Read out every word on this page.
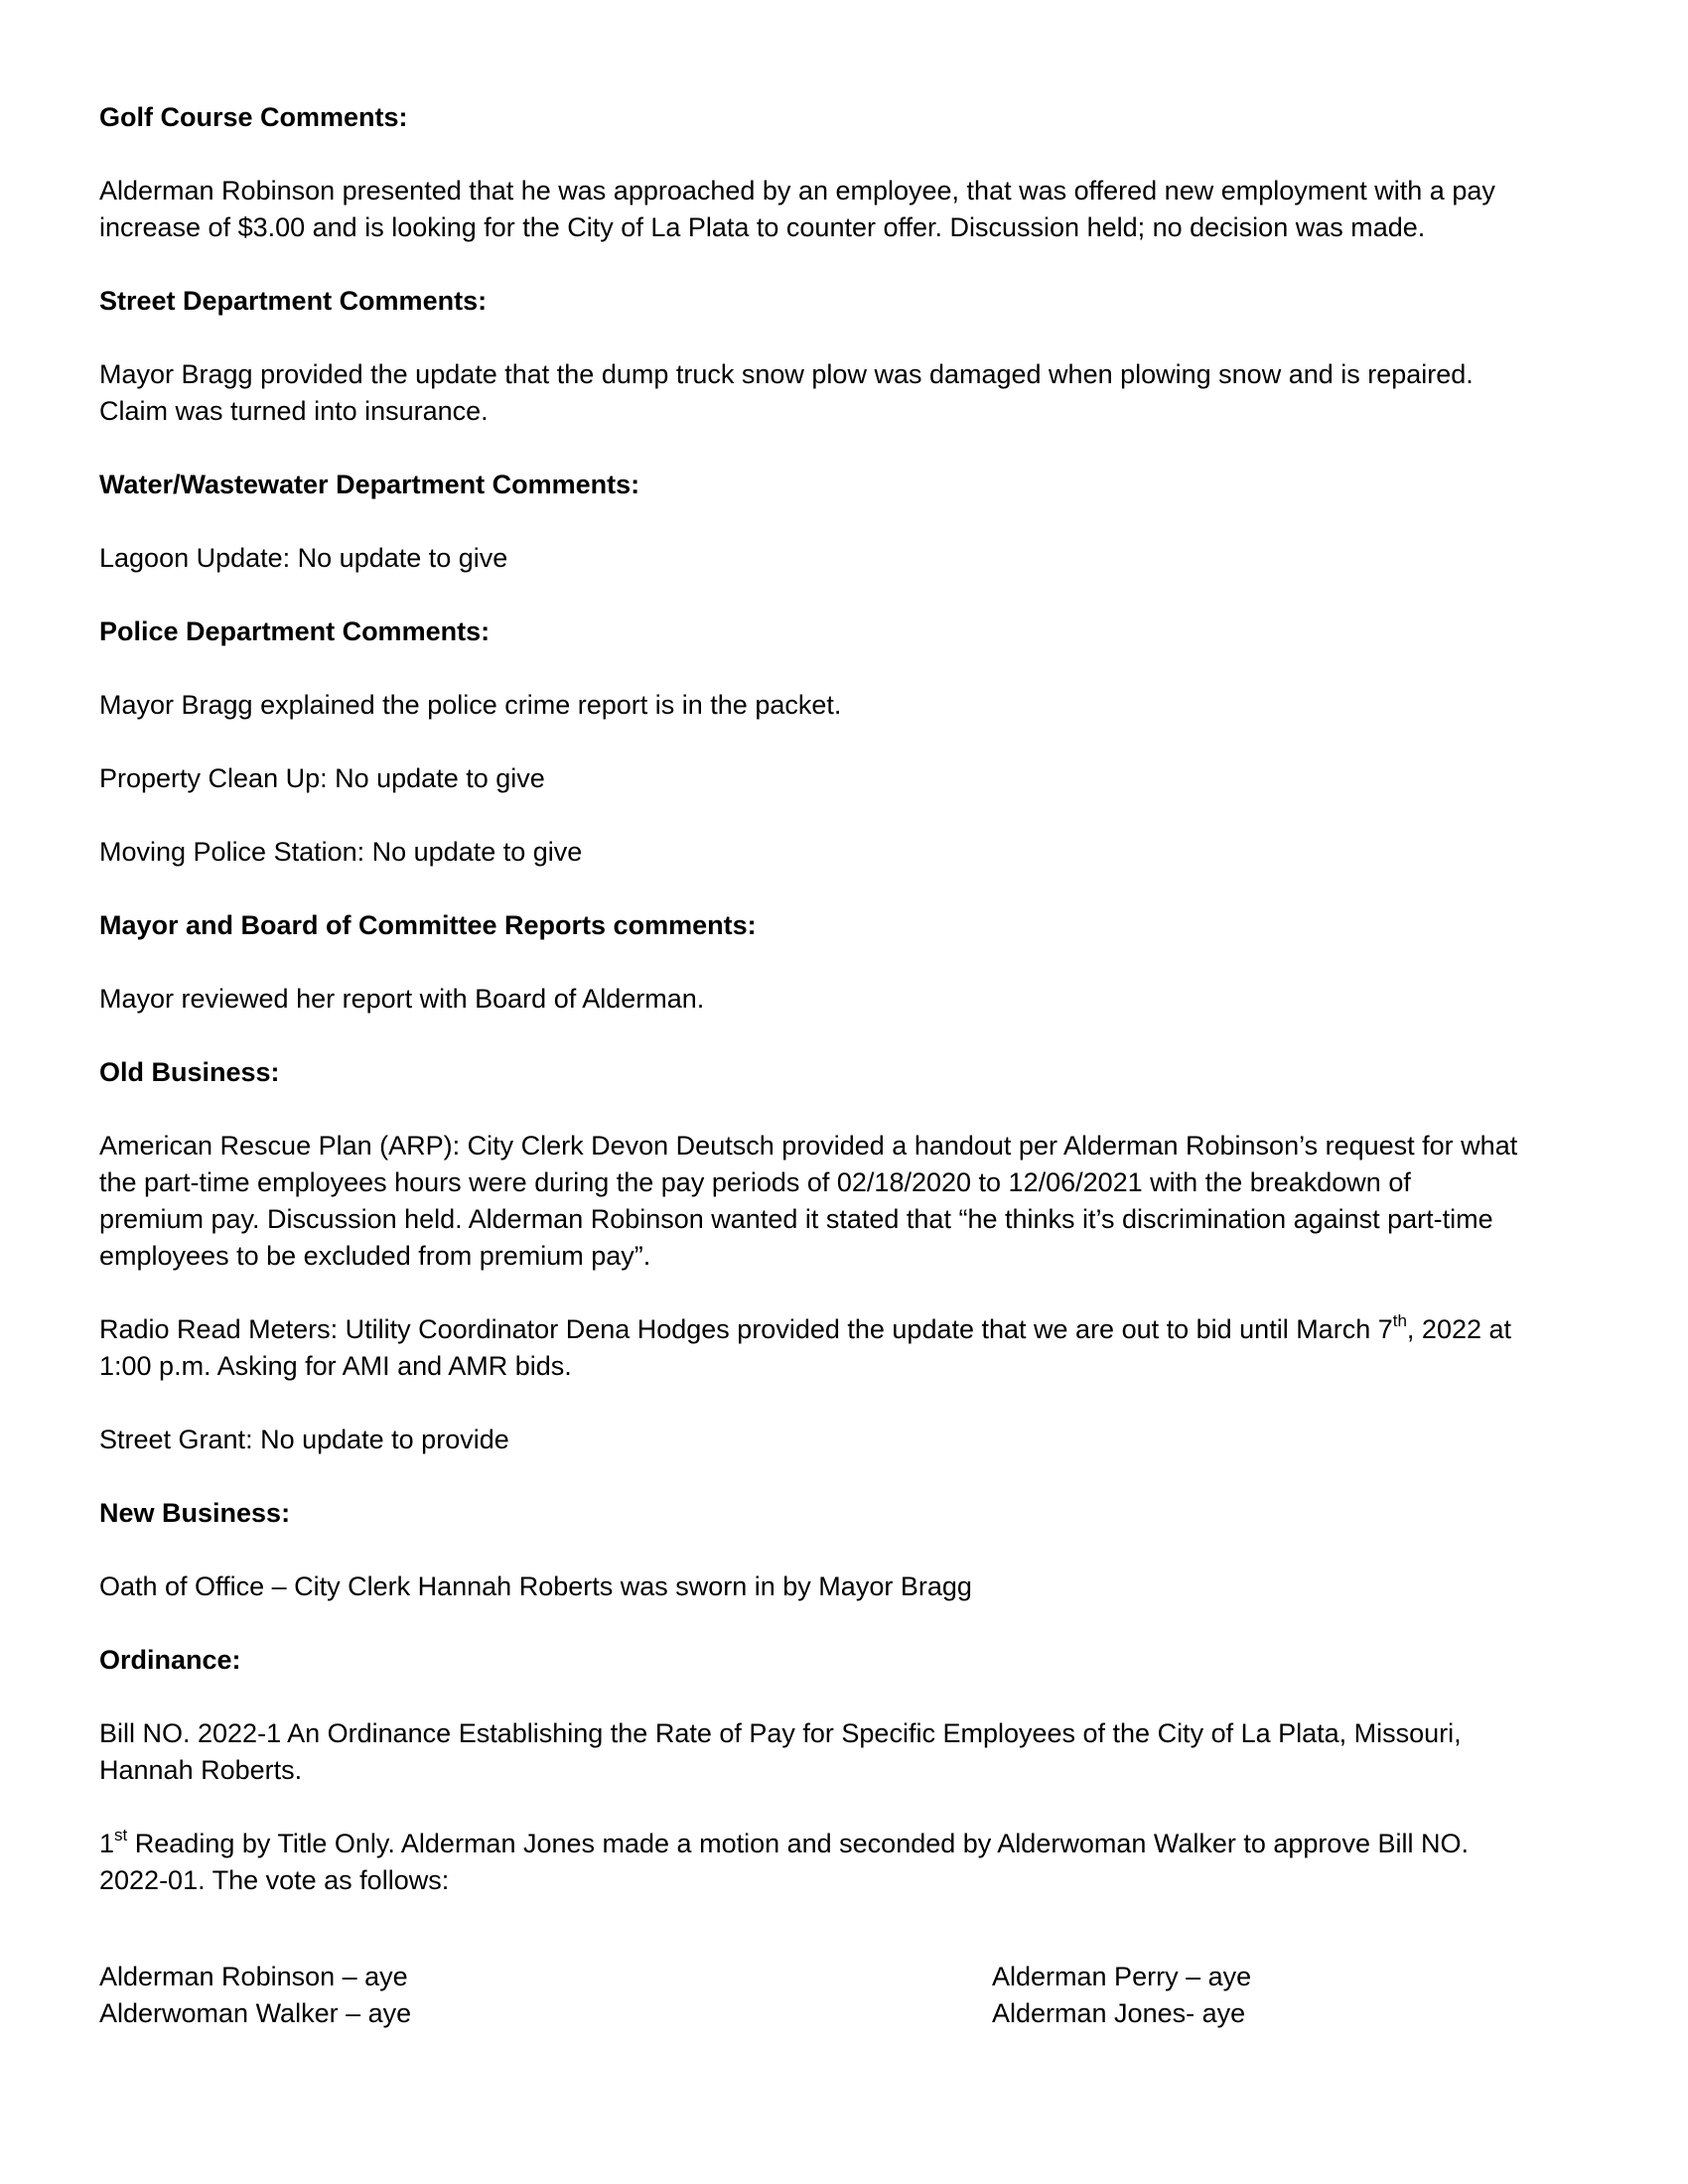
Golf Course Comments:
Alderman Robinson presented that he was approached by an employee, that was offered new employment with a pay
increase of $3.00 and is looking for the City of La Plata to counter offer. Discussion held; no decision was made.
Street Department Comments:
Mayor Bragg provided the update that the dump truck snow plow was damaged when plowing snow and is repaired.
Claim was turned into insurance.
Water/Wastewater Department Comments:
Lagoon Update: No update to give
Police Department Comments:
Mayor Bragg explained the police crime report is in the packet.
Property Clean Up: No update to give
Moving Police Station: No update to give
Mayor and Board of Committee Reports comments:
Mayor reviewed her report with Board of Alderman.
Old Business:
American Rescue Plan (ARP): City Clerk Devon Deutsch provided a handout per Alderman Robinson’s request for what
the part-time employees hours were during the pay periods of 02/18/2020 to 12/06/2021 with the breakdown of
premium pay. Discussion held. Alderman Robinson wanted it stated that “he thinks it’s discrimination against part-time
employees to be excluded from premium pay”.
Radio Read Meters: Utility Coordinator Dena Hodges provided the update that we are out to bid until March 7th, 2022 at
1:00 p.m. Asking for AMI and AMR bids.
Street Grant: No update to provide
New Business:
Oath of Office – City Clerk Hannah Roberts was sworn in by Mayor Bragg
Ordinance:
Bill NO. 2022-1 An Ordinance Establishing the Rate of Pay for Specific Employees of the City of La Plata, Missouri,
Hannah Roberts.
1st Reading by Title Only. Alderman Jones made a motion and seconded by Alderwoman Walker to approve Bill NO.
2022-01. The vote as follows:
Alderman Robinson – aye
Alderwoman Walker – aye
Alderman Perry – aye
Alderman Jones- aye
